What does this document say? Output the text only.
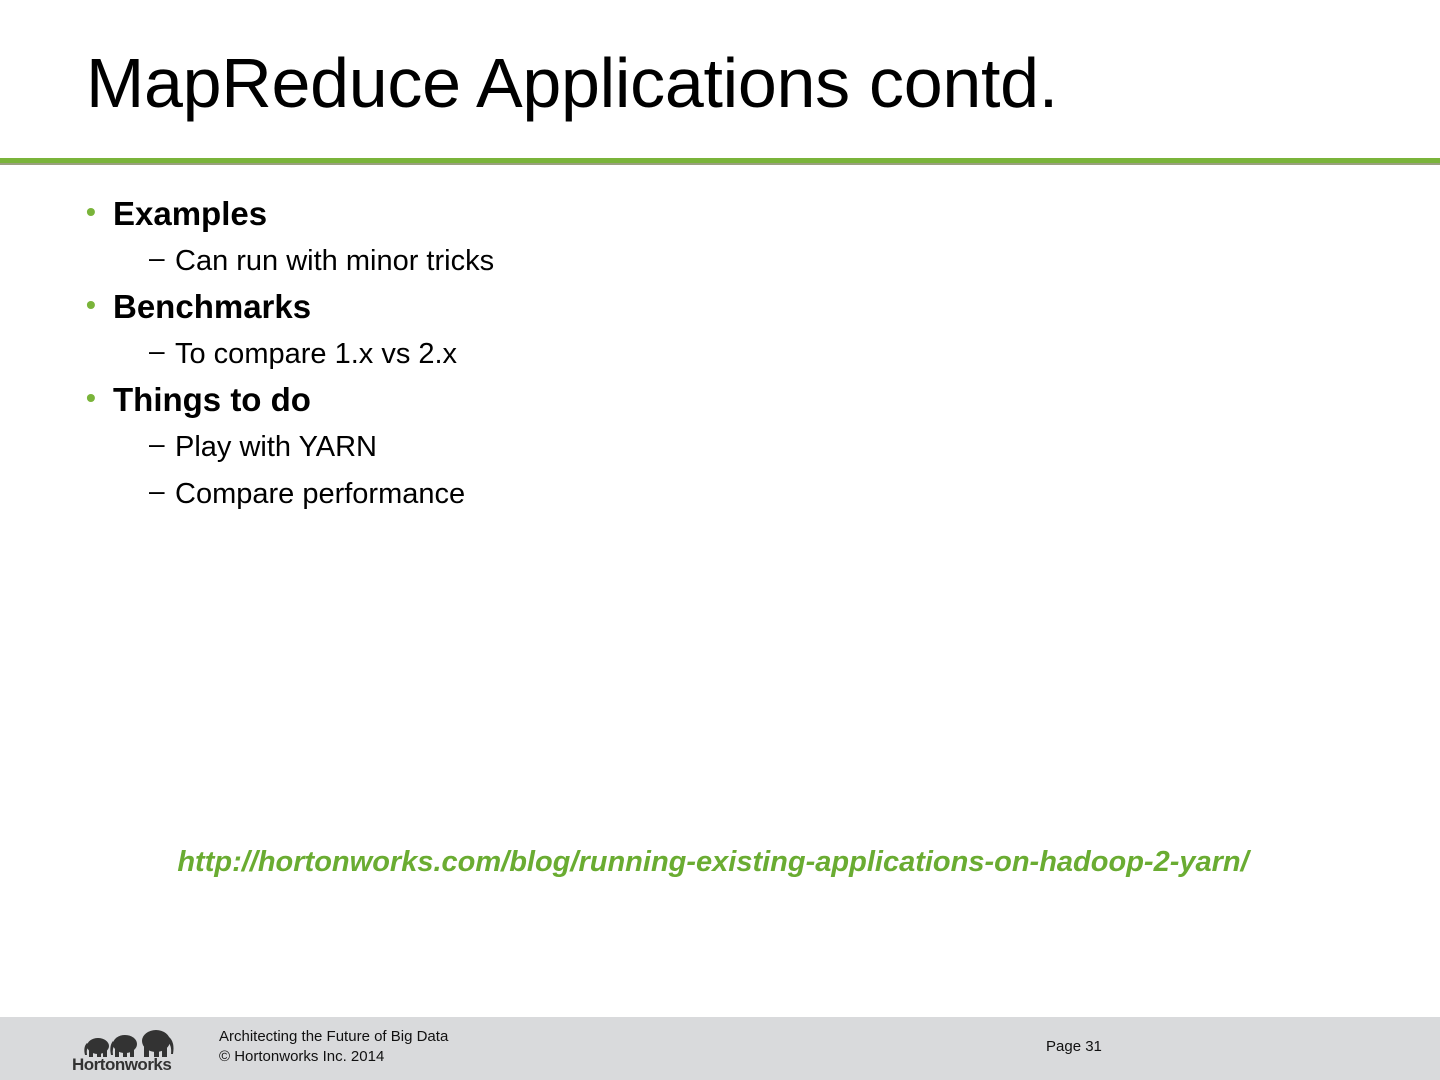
MapReduce Applications contd.
• Examples
– Can run with minor tricks
• Benchmarks
– To compare 1.x vs 2.x
• Things to do
– Play with YARN
– Compare performance
http://hortonworks.com/blog/running-existing-applications-on-hadoop-2-yarn/
Hortonworks
Architecting the Future of Big Data
© Hortonworks Inc. 2014
Page 31
